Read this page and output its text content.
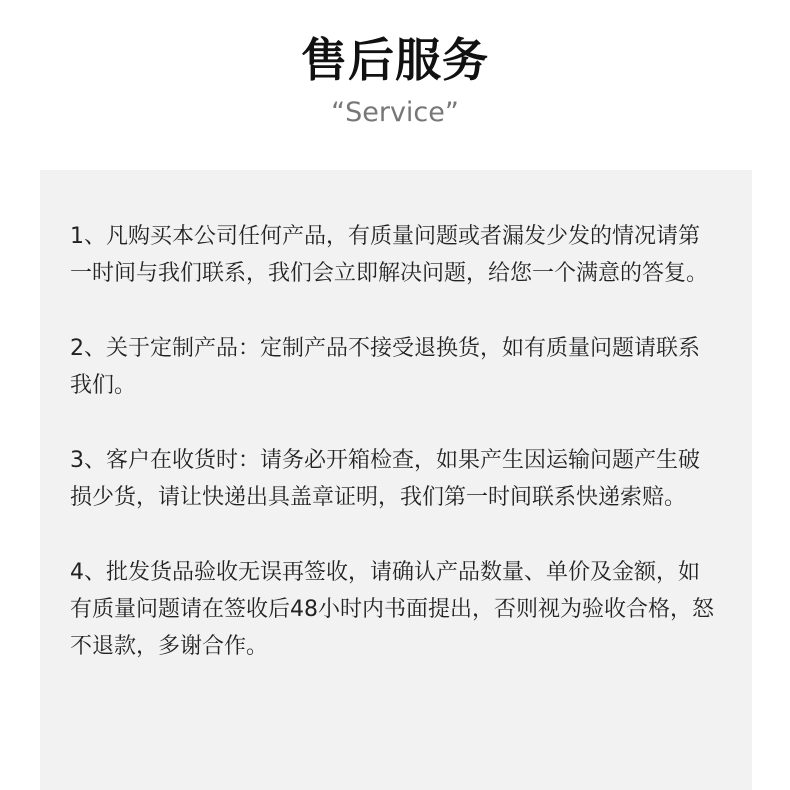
售后服务
“Service”
1、凡购买本公司任何产品，有质量问题或者漏发少发的情况请第一时间与我们联系，我们会立即解决问题，给您一个满意的答复。
2、关于定制产品：定制产品不接受退换货，如有质量问题请联系我们。
3、客户在收货时：请务必开箱检查，如果产生因运输问题产生破损少货，请让快递出具盖章证明，我们第一时间联系快递索赔。
4、批发货品验收无误再签收，请确认产品数量、单价及金额，如有质量问题请在签收后48小时内书面提出，否则视为验收合格，怒不退款，多谢合作。
